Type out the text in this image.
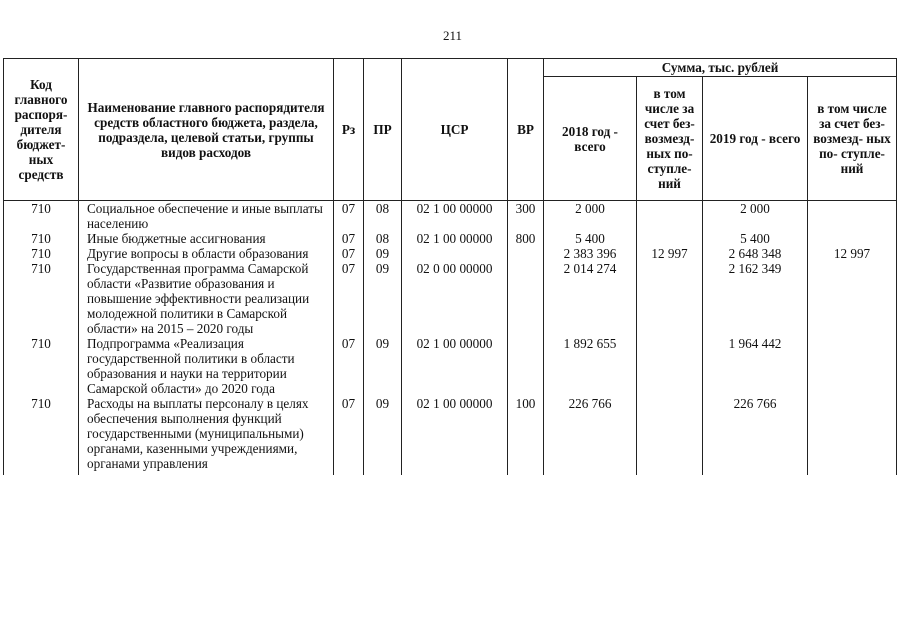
211
Код главного распоря- дителя бюджет- ных средств	Наименование главного распорядителя средств областного бюджета, раздела, подраздела, целевой статьи, группы видов расходов	Рз	ПР	ЦСР	ВР	Сумма, тыс. рублей			
						2018 год - всего	в том числе за счет без- возмезд- ных по- ступле- ний	2019 год - всего	в том числе за счет без- возмезд- ных по- ступле- ний
710	Социальное обеспечение и иные выплаты населению	07	08	02 1 00 00000	300	2 000		2 000	
710	Иные бюджетные ассигнования	07	08	02 1 00 00000	800	5 400		5 400	
710	Другие вопросы в области образования	07	09			2 383 396	12 997	2 648 348	12 997
710	Государственная программа Самарской области «Развитие образования и повышение эффективности реализации молодежной политики в Самарской области» на 2015 – 2020 годы	07	09	02 0 00 00000		2 014 274		2 162 349	
710	Подпрограмма «Реализация государственной политики в области образования и науки на территории Самарской области» до 2020 года	07	09	02 1 00 00000		1 892 655		1 964 442	
710	Расходы на выплаты персоналу в целях обеспечения выполнения функций государственными (муниципальными) органами, казенными учреждениями, органами управления	07	09	02 1 00 00000	100	226 766		226 766	
